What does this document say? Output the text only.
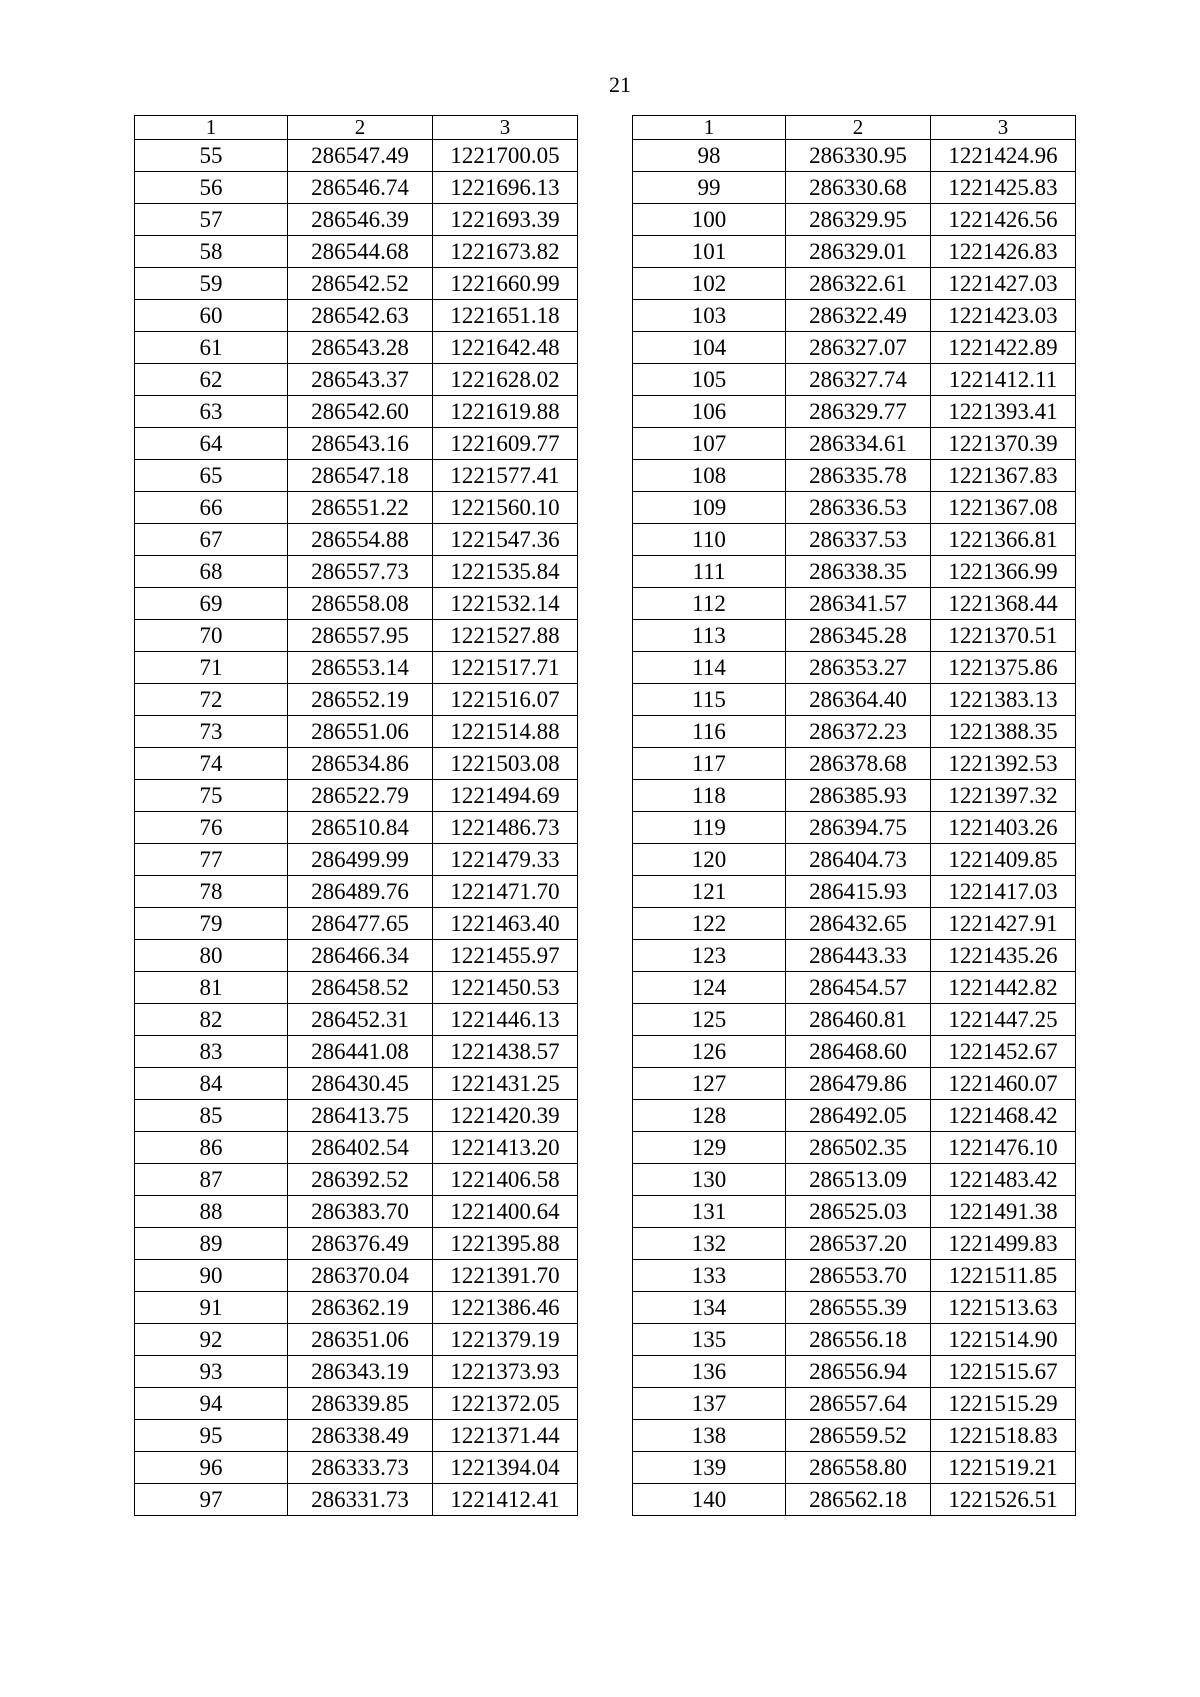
21
1	2	3
55	286547.49	1221700.05
56	286546.74	1221696.13
57	286546.39	1221693.39
58	286544.68	1221673.82
59	286542.52	1221660.99
60	286542.63	1221651.18
61	286543.28	1221642.48
62	286543.37	1221628.02
63	286542.60	1221619.88
64	286543.16	1221609.77
65	286547.18	1221577.41
66	286551.22	1221560.10
67	286554.88	1221547.36
68	286557.73	1221535.84
69	286558.08	1221532.14
70	286557.95	1221527.88
71	286553.14	1221517.71
72	286552.19	1221516.07
73	286551.06	1221514.88
74	286534.86	1221503.08
75	286522.79	1221494.69
76	286510.84	1221486.73
77	286499.99	1221479.33
78	286489.76	1221471.70
79	286477.65	1221463.40
80	286466.34	1221455.97
81	286458.52	1221450.53
82	286452.31	1221446.13
83	286441.08	1221438.57
84	286430.45	1221431.25
85	286413.75	1221420.39
86	286402.54	1221413.20
87	286392.52	1221406.58
88	286383.70	1221400.64
89	286376.49	1221395.88
90	286370.04	1221391.70
91	286362.19	1221386.46
92	286351.06	1221379.19
93	286343.19	1221373.93
94	286339.85	1221372.05
95	286338.49	1221371.44
96	286333.73	1221394.04
97	286331.73	1221412.41
1	2	3
98	286330.95	1221424.96
99	286330.68	1221425.83
100	286329.95	1221426.56
101	286329.01	1221426.83
102	286322.61	1221427.03
103	286322.49	1221423.03
104	286327.07	1221422.89
105	286327.74	1221412.11
106	286329.77	1221393.41
107	286334.61	1221370.39
108	286335.78	1221367.83
109	286336.53	1221367.08
110	286337.53	1221366.81
111	286338.35	1221366.99
112	286341.57	1221368.44
113	286345.28	1221370.51
114	286353.27	1221375.86
115	286364.40	1221383.13
116	286372.23	1221388.35
117	286378.68	1221392.53
118	286385.93	1221397.32
119	286394.75	1221403.26
120	286404.73	1221409.85
121	286415.93	1221417.03
122	286432.65	1221427.91
123	286443.33	1221435.26
124	286454.57	1221442.82
125	286460.81	1221447.25
126	286468.60	1221452.67
127	286479.86	1221460.07
128	286492.05	1221468.42
129	286502.35	1221476.10
130	286513.09	1221483.42
131	286525.03	1221491.38
132	286537.20	1221499.83
133	286553.70	1221511.85
134	286555.39	1221513.63
135	286556.18	1221514.90
136	286556.94	1221515.67
137	286557.64	1221515.29
138	286559.52	1221518.83
139	286558.80	1221519.21
140	286562.18	1221526.51
